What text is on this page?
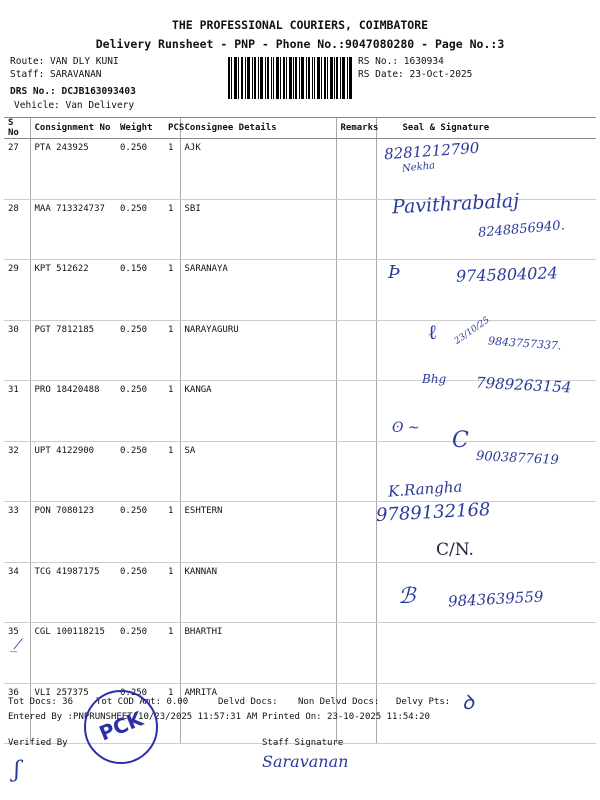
THE PROFESSIONAL COURIERS, COIMBATORE
Delivery Runsheet - PNP - Phone No.:9047080280 - Page No.:3
Route: VAN DLY KUNI
Staff: SARAVANAN
DRS No.: DCJB163093403
Vehicle: Van Delivery
RS No.: 1630934
RS Date: 23-Oct-2025
S No	Consignment No	Weight	PCS	Consignee Details	Remarks	Seal & Signature
27	PTA 243925	0.250	1	AJK		
28	MAA 713324737	0.250	1	SBI		
29	KPT 512622	0.150	1	SARANAYA		
30	PGT 7812185	0.250	1	NARAYAGURU		
31	PRO 18420488	0.250	1	KANGA		
32	UPT 4122900	0.250	1	SA		
33	PON 7080123	0.250	1	ESHTERN		
34	TCG 41987175	0.250	1	KANNAN		
35	CGL 100118215	0.250	1	BHARTHI		
36	VLI 257375	0.250	1	AMRITA		
8281212790
Nekha
Pavithrabalaj
8248856940.
Þ	9745804024
ℓ 23/10/25
9843757337.
Bhg 7989263154
ʘ ~ C
9003877619
K.Rangha
9789132168
C/N.
ℬ 9843639559
_⁄
Tot Docs: 36	Tot COD Amt: 0.00	Delvd Docs: Non Delvd Docs: Delvy Pts:
Entered By :PNPRUNSHEET 10/23/2025 11:57:31 AM Printed On: 23-10-2025 11:54:20
Verified By	Staff Signature
PCK
ꝺ
ʃ	Saravanan
